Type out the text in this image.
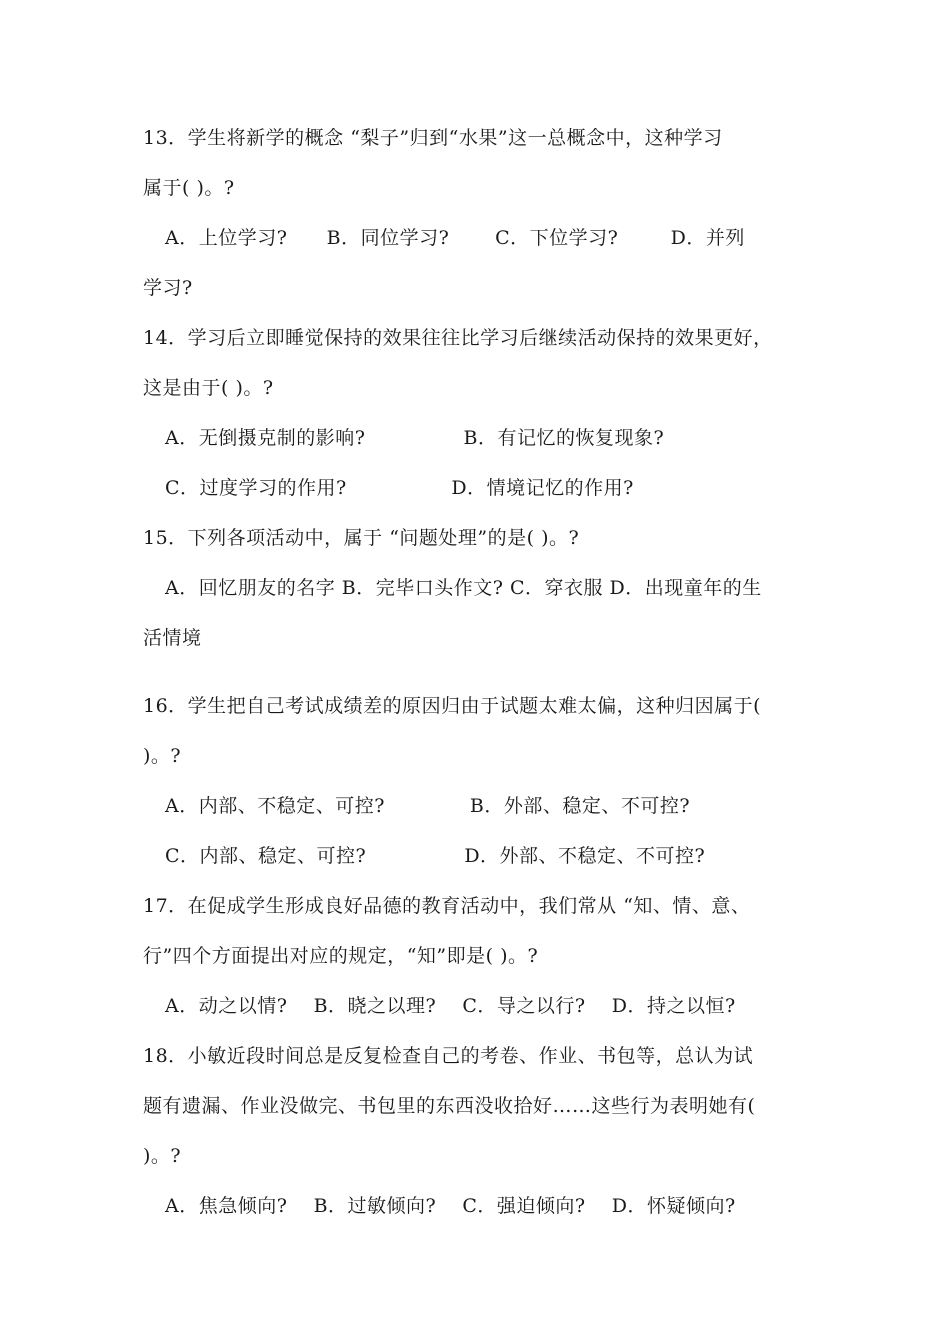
13．学生将新学的概念 “梨子”归到“水果”这一总概念中，这种学习
属于( )。?
A．上位学习?      B．同位学习?       C．下位学习?        D．并列
学习?
14．学习后立即睡觉保持的效果往往比学习后继续活动保持的效果更好，
这是由于( )。?
A．无倒摄克制的影响?               B．有记忆的恢复现象?
C．过度学习的作用?                D．情境记忆的作用?
15．下列各项活动中，属于 “问题处理”的是( )。?
A．回忆朋友的名字 B．完毕口头作文? C．穿衣服 D．出现童年的生
活情境
16．学生把自己考试成绩差的原因归由于试题太难太偏，这种归因属于(
)。?
A．内部、不稳定、可控?             B．外部、稳定、不可控?
C．内部、稳定、可控?               D．外部、不稳定、不可控?
17．在促成学生形成良好品德的教育活动中，我们常从 “知、情、意、
行”四个方面提出对应的规定，“知”即是( )。?
A．动之以情?    B．晓之以理?    C．导之以行?    D．持之以恒?
18．小敏近段时间总是反复检查自己的考卷、作业、书包等，总认为试
题有遗漏、作业没做完、书包里的东西没收拾好……这些行为表明她有(
)。?
A．焦急倾向?    B．过敏倾向?    C．强迫倾向?    D．怀疑倾向?
